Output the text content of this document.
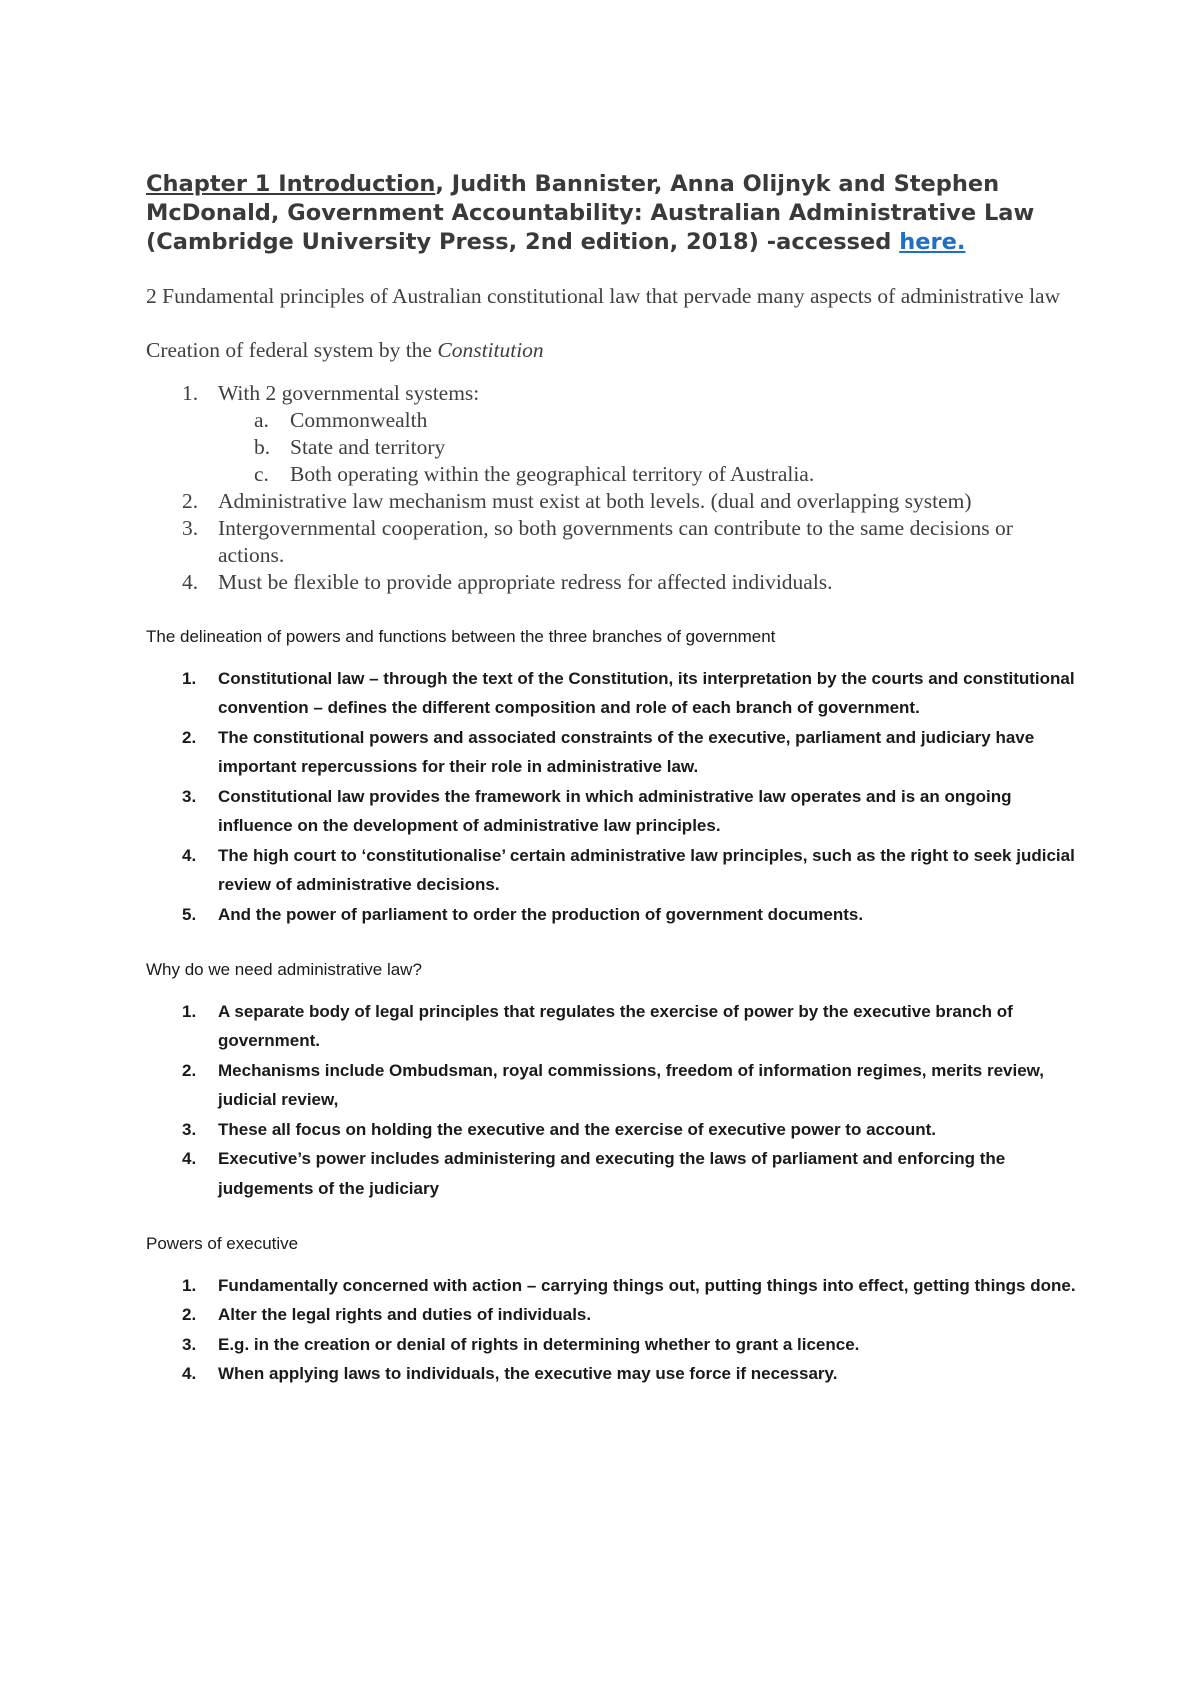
Chapter 1 Introduction, Judith Bannister, Anna Olijnyk and Stephen McDonald, Government Accountability: Australian Administrative Law (Cambridge University Press, 2nd edition, 2018) -accessed here.

2 Fundamental principles of Australian constitutional law that pervade many aspects of administrative law

Creation of federal system by the Constitution

1. With 2 governmental systems:
a. Commonwealth
b. State and territory
c. Both operating within the geographical territory of Australia.
2. Administrative law mechanism must exist at both levels. (dual and overlapping system)
3. Intergovernmental cooperation, so both governments can contribute to the same decisions or actions.
4. Must be flexible to provide appropriate redress for affected individuals.

The delineation of powers and functions between the three branches of government

1. Constitutional law – through the text of the Constitution, its interpretation by the courts and constitutional convention – defines the different composition and role of each branch of government.
2. The constitutional powers and associated constraints of the executive, parliament and judiciary have important repercussions for their role in administrative law.
3. Constitutional law provides the framework in which administrative law operates and is an ongoing influence on the development of administrative law principles.
4. The high court to ‘constitutionalise’ certain administrative law principles, such as the right to seek judicial review of administrative decisions.
5. And the power of parliament to order the production of government documents.

Why do we need administrative law?

1. A separate body of legal principles that regulates the exercise of power by the executive branch of government.
2. Mechanisms include Ombudsman, royal commissions, freedom of information regimes, merits review, judicial review,
3. These all focus on holding the executive and the exercise of executive power to account.
4. Executive’s power includes administering and executing the laws of parliament and enforcing the judgements of the judiciary

Powers of executive

1. Fundamentally concerned with action – carrying things out, putting things into effect, getting things done.
2. Alter the legal rights and duties of individuals.
3. E.g. in the creation or denial of rights in determining whether to grant a licence.
4. When applying laws to individuals, the executive may use force if necessary.
